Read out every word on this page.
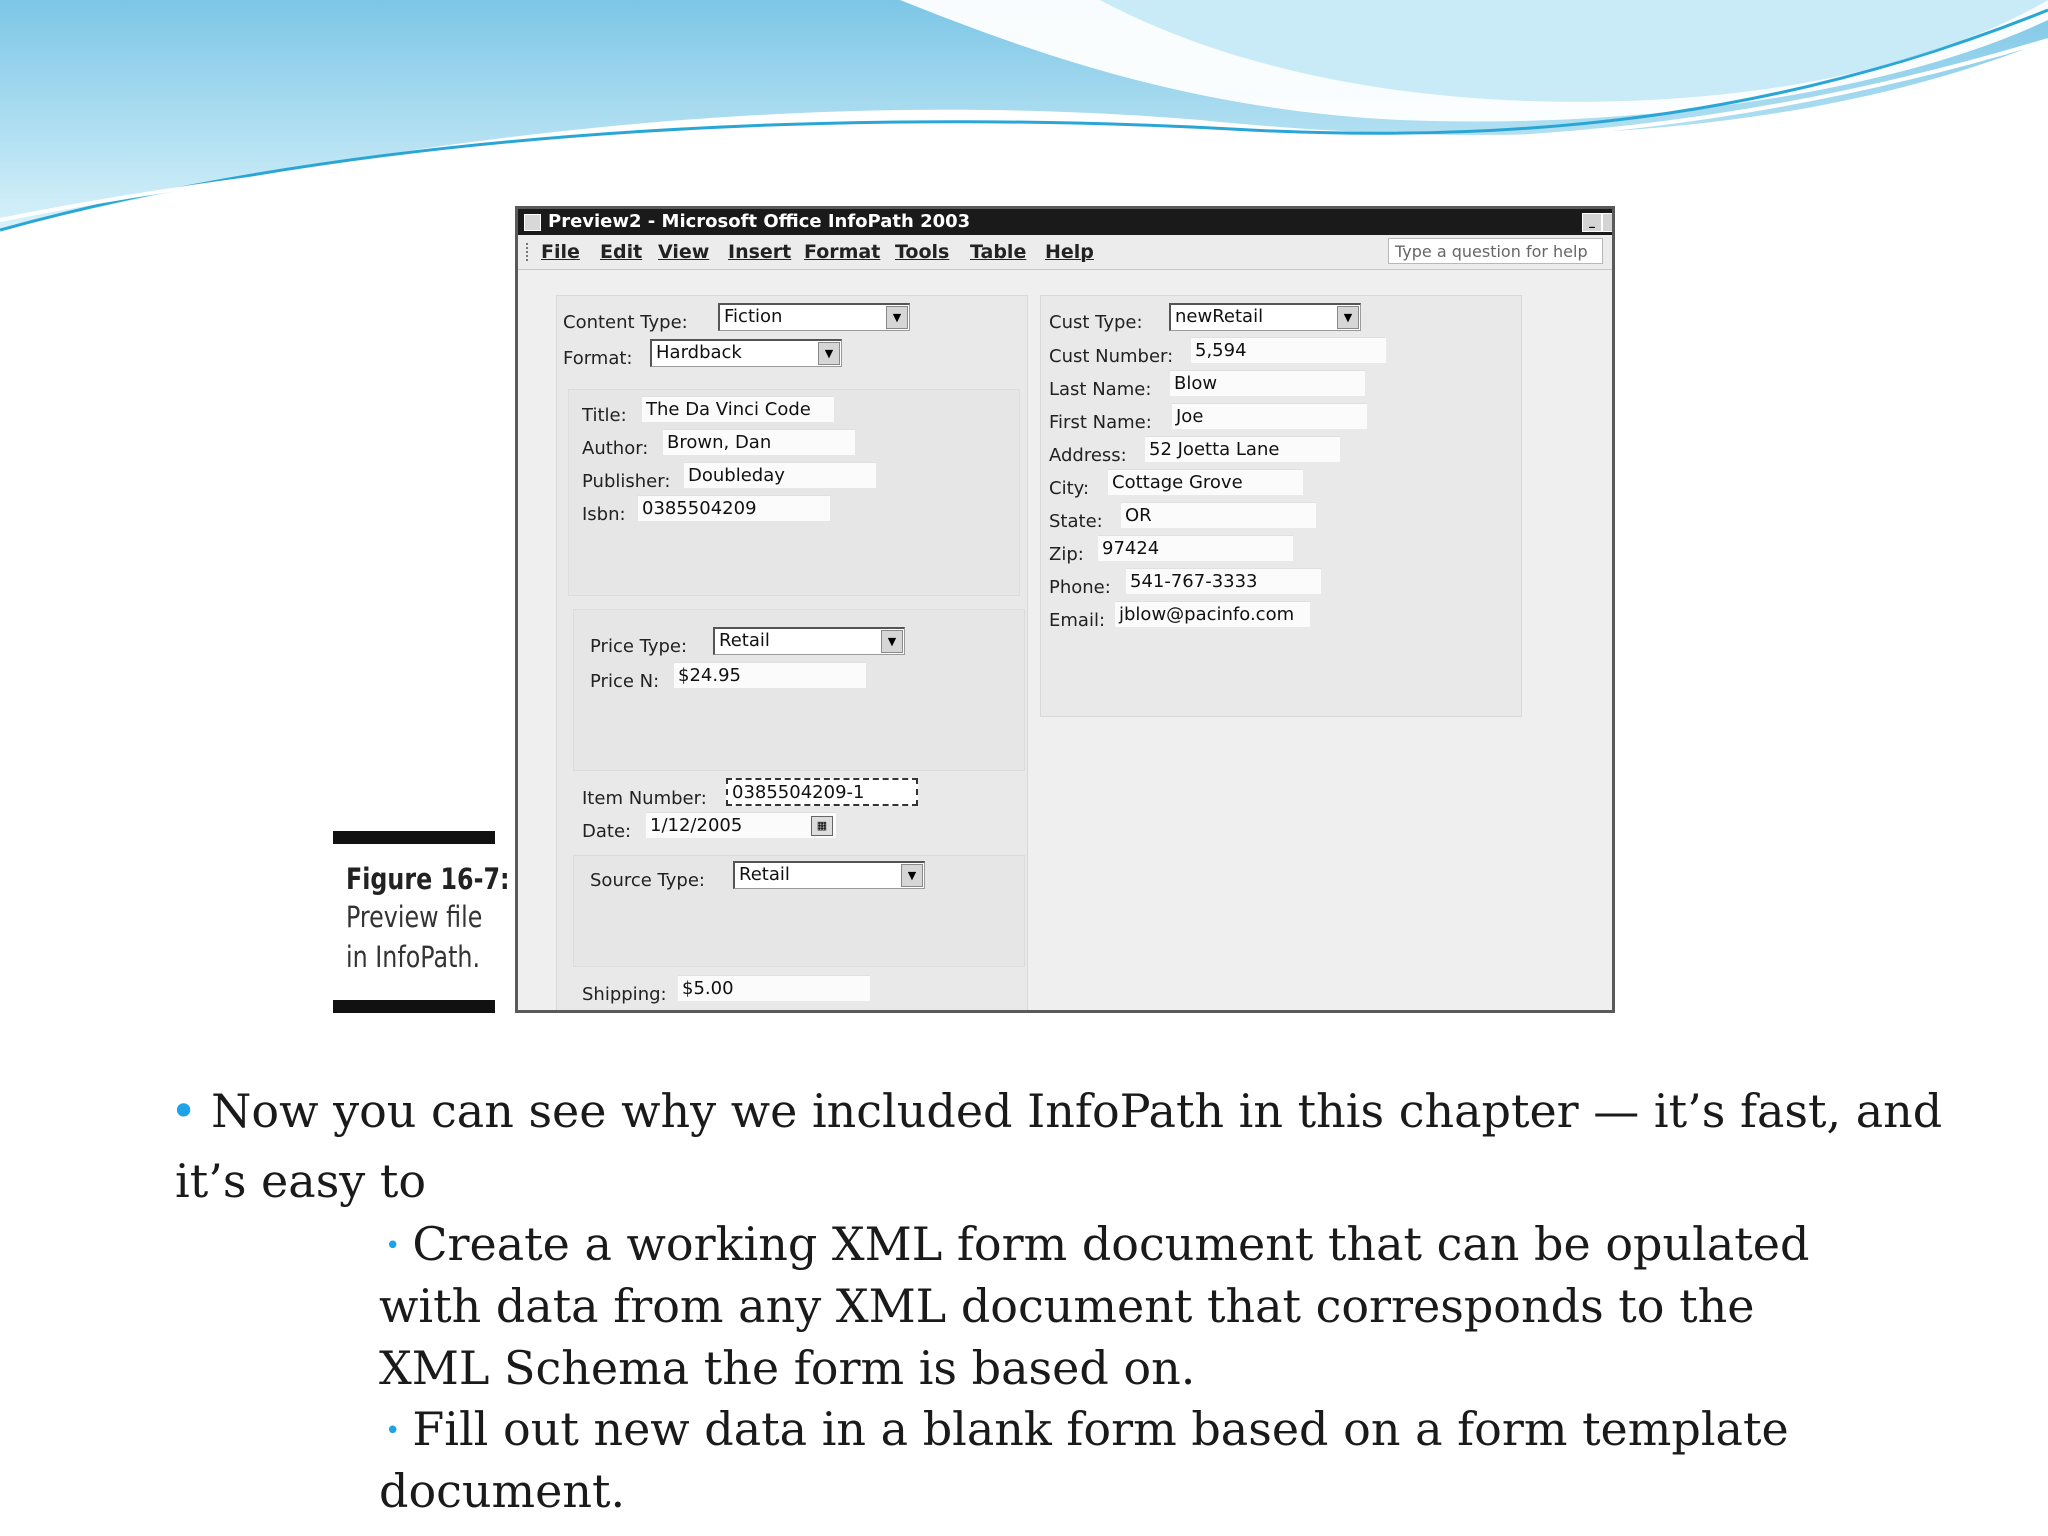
Preview2 - Microsoft Office InfoPath 2003	_
File Edit View Insert Format Tools Table Help	Type a question for help
Content Type:	Fiction	▼
Format:	Hardback	▼
Title: The Da Vinci Code
Author: Brown, Dan
Publisher: Doubleday
Isbn: 0385504209
Price Type:	Retail	▼
Price N: $24.95
Item Number:	0385504209-1
Date: 1/12/2005	▦
Source Type:	Retail	▼
Shipping: $5.00
Cust Type:	newRetail	▼
Cust Number: 5,594
Last Name: Blow
First Name: Joe
Address: 52 Joetta Lane
City: Cottage Grove
State: OR
Zip: 97424
Phone: 541-767-3333
Email: jblow@pacinfo.com
Figure 16-7:
Preview file
in InfoPath.
• Now you can see why we included InfoPath in this chapter — it’s fast, and
it’s easy to
• Create a working XML form document that can be opulated
with data from any XML document that corresponds to the
XML Schema the form is based on.
• Fill out new data in a blank form based on a form template
document.
